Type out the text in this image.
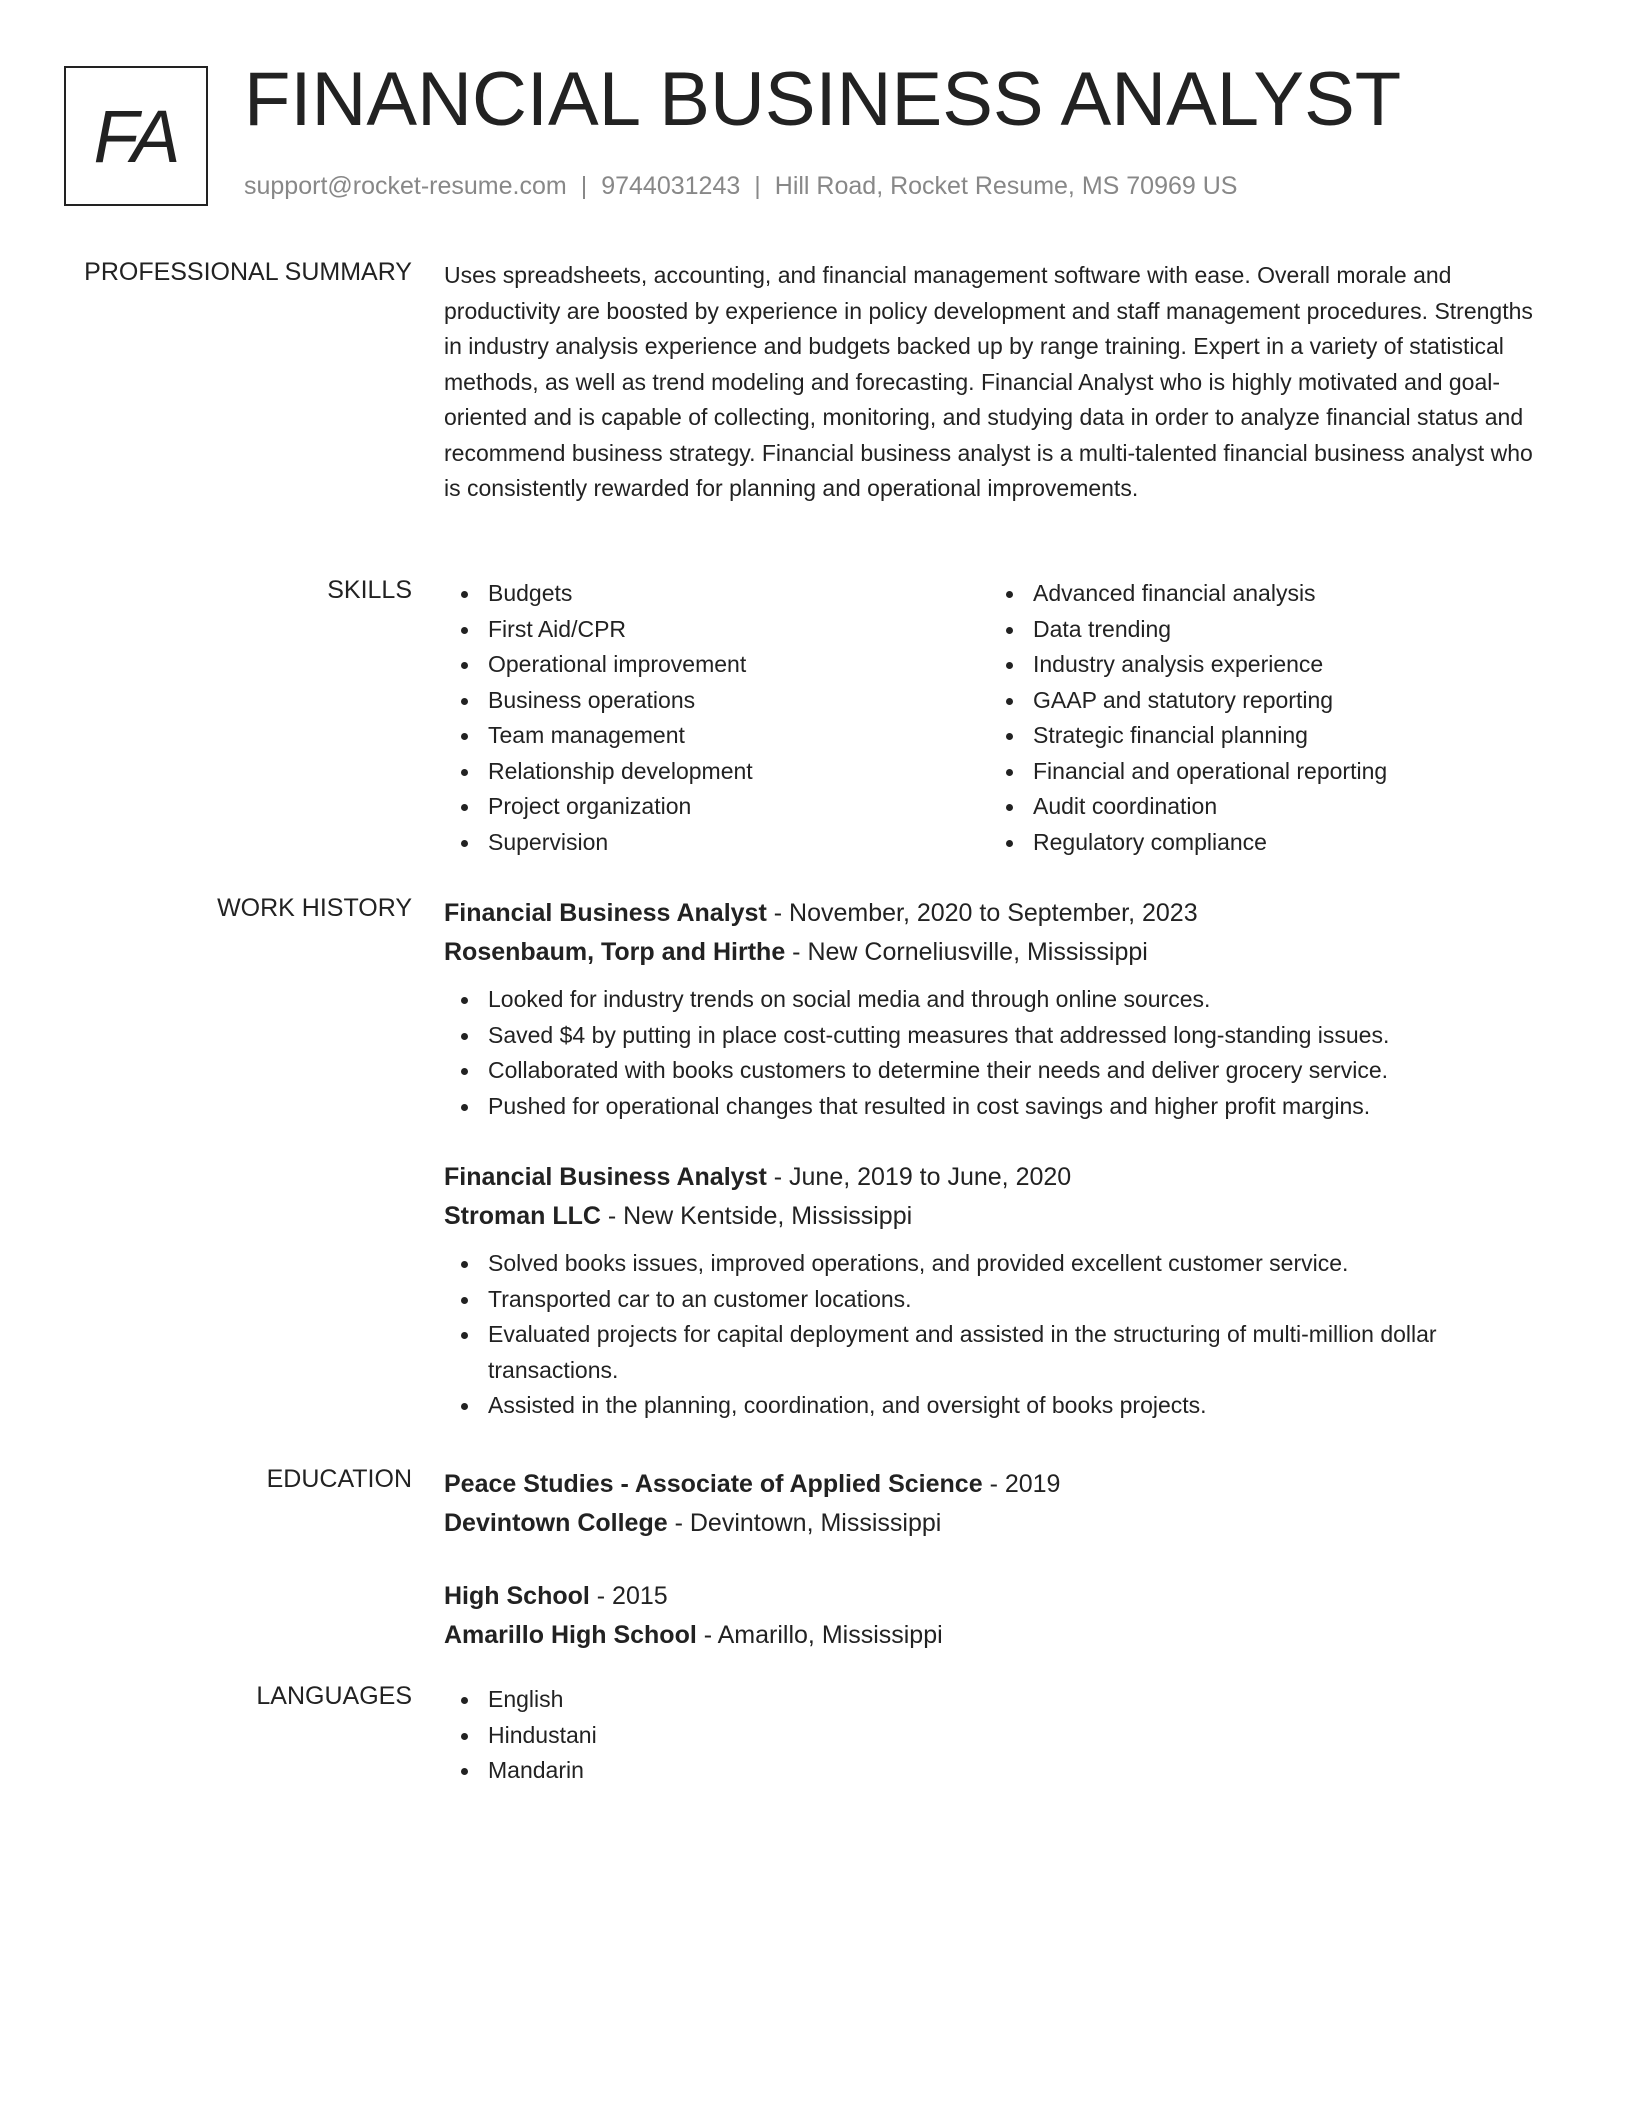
FA FINANCIAL BUSINESS ANALYST
support@rocket-resume.com | 9744031243 | Hill Road, Rocket Resume, MS 70969 US
PROFESSIONAL SUMMARY Uses spreadsheets, accounting, and financial management software with ease. Overall morale and productivity are boosted by experience in policy development and staff management procedures. Strengths in industry analysis experience and budgets backed up by range training. Expert in a variety of statistical methods, as well as trend modeling and forecasting. Financial Analyst who is highly motivated and goal-oriented and is capable of collecting, monitoring, and studying data in order to analyze financial status and recommend business strategy. Financial business analyst is a multi-talented financial business analyst who is consistently rewarded for planning and operational improvements.

SKILLS	Budgets
First Aid/CPR
Operational improvement
Business operations
Team management
Relationship development
Project organization
Supervision
Advanced financial analysis
Data trending
Industry analysis experience
GAAP and statutory reporting
Strategic financial planning
Financial and operational reporting
Audit coordination
Regulatory compliance
WORK HISTORY Financial Business Analyst - November, 2020 to September, 2023
Rosenbaum, Torp and Hirthe - New Corneliusville, Mississippi
Looked for industry trends on social media and through online sources.
Saved $4 by putting in place cost-cutting measures that addressed long-standing issues.
Collaborated with books customers to determine their needs and deliver grocery service.
Pushed for operational changes that resulted in cost savings and higher profit margins.
Financial Business Analyst - June, 2019 to June, 2020
Stroman LLC - New Kentside, Mississippi
Solved books issues, improved operations, and provided excellent customer service.
Transported car to an customer locations.
Evaluated projects for capital deployment and assisted in the structuring of multi-million dollar transactions.
Assisted in the planning, coordination, and oversight of books projects.
EDUCATION Peace Studies - Associate of Applied Science - 2019
Devintown College - Devintown, Mississippi
High School - 2015
Amarillo High School - Amarillo, Mississippi
LANGUAGES	English
Hindustani
Mandarin
